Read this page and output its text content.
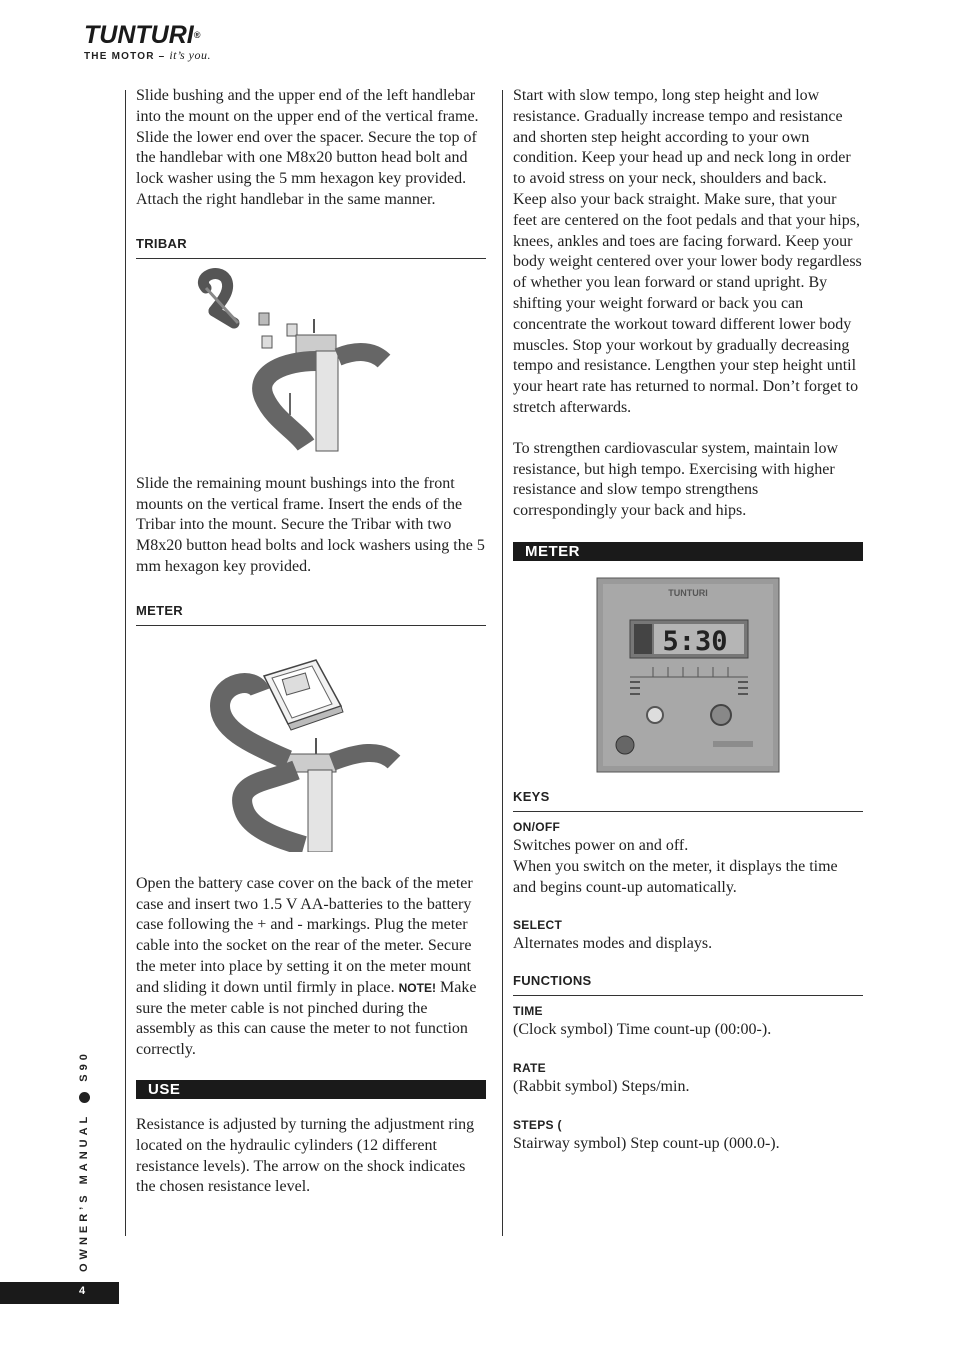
TUNTURI®
THE MOTOR – it’s you.

Slide bushing and the upper end of the left handlebar into the mount on the upper end of the vertical frame. Slide the lower end over the spacer. Secure the top of the handlebar with one M8x20 button head bolt and lock washer using the 5 mm hexagon key provided. Attach the right handlebar in the same manner.

TRIBAR

Slide the remaining mount bushings into the front mounts on the vertical frame. Insert the ends of the Tribar into the mount. Secure the Tribar with two M8x20 button head bolts and lock washers using the 5 mm hexagon key provided.

METER

Open the battery case cover on the back of the meter case and insert two 1.5 V AA-batteries to the battery case following the + and - markings. Plug the meter cable into the socket on the rear of the meter. Secure the meter into place by setting it on the meter mount and sliding it down until firmly in place. NOTE! Make sure the meter cable is not pinched during the assembly as this can cause the meter to not function correctly.

USE

Resistance is adjusted by turning the adjustment ring located on the hydraulic cylinders (12 different resistance levels). The arrow on the shock indicates the chosen resistance level.

Start with slow tempo, long step height and low resistance. Gradually increase tempo and resistance and shorten step height according to your own condition. Keep your head up and neck long in order to avoid stress on your neck, shoulders and back. Keep also your back straight. Make sure, that your feet are centered on the foot pedals and that your hips, knees, ankles and toes are facing forward. Keep your body weight centered over your lower body regardless of whether you lean forward or stand upright. By shifting your weight forward or back you can concentrate the workout toward different lower body muscles. Stop your workout by gradually decreasing tempo and resistance. Lengthen your step height until your heart rate has returned to normal. Don’t forget to stretch afterwards.

To strengthen cardiovascular system, maintain low resistance, but high tempo. Exercising with higher resistance and slow tempo strengthens correspondingly your back and hips.

METER
TUNTURI
5:30
KEYS
ON/OFF

Switches power on and off.

When you switch on the meter, it displays the time and begins count-up automatically.

SELECT

Alternates modes and displays.

FUNCTIONS
TIME

(Clock symbol) Time count-up (00:00-).

RATE

(Rabbit symbol) Steps/min.

STEPS (

Stairway symbol) Step count-up (000.0-).

OWNER’S MANUALS90
4
